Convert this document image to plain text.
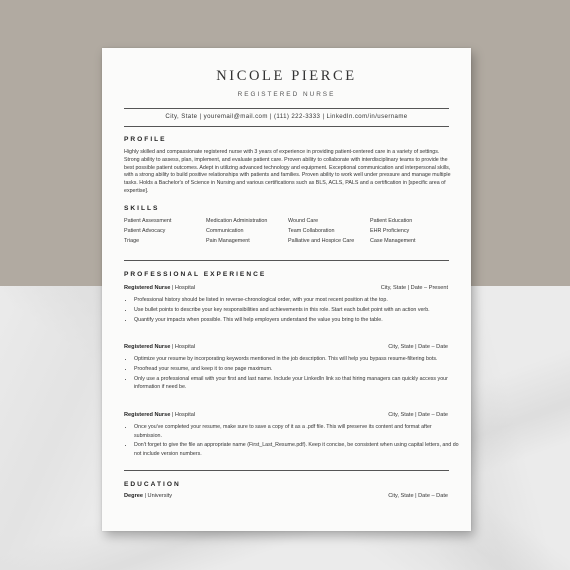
NICOLE PIERCE
REGISTERED NURSE
City, State | youremail@mail.com | (111) 222-3333 | LinkedIn.com/in/username
PROFILE
Highly skilled and compassionate registered nurse with 3 years of experience in providing patient-centered care in a variety of settings. Strong ability to assess, plan, implement, and evaluate patient care. Proven ability to collaborate with interdisciplinary teams to provide the best possible patient outcomes. Adept in utilizing advanced technology and equipment. Exceptional communication and interpersonal skills, with a strong ability to build positive relationships with patients and families. Proven ability to work well under pressure and manage multiple tasks. Holds a Bachelor's of Science in Nursing and various certifications such as BLS, ACLS, PALS and a certification in [specific area of expertise].
SKILLS
Patient Assessment	Medication Administration	Wound Care	Patient Education
Patient Advocacy	Communication	Team Collaboration	EHR Proficiency
Triage	Pain Management	Palliative and Hospice Care	Case Management
PROFESSIONAL EXPERIENCE
Registered Nurse | Hospital	City, State | Date – Present
• Professional history should be listed in reverse-chronological order, with your most recent position at the top.
• Use bullet points to describe your key responsibilities and achievements in this role. Start each bullet point with an action verb.
• Quantify your impacts when possible. This will help employers understand the value you bring to the table.
Registered Nurse | Hospital	City, State | Date – Date
• Optimize your resume by incorporating keywords mentioned in the job description. This will help you bypass resume-filtering bots.
• Proofread your resume, and keep it to one page maximum.
• Only use a professional email with your first and last name. Include your LinkedIn link so that hiring managers can quickly access your information if need be.
Registered Nurse | Hospital	City, State | Date – Date
• Once you've completed your resume, make sure to save a copy of it as a .pdf file. This will preserve its content and format after submission.
• Don't forget to give the file an appropriate name (First_Last_Resume.pdf). Keep it concise, be consistent when using capital letters, and do not include version numbers.
EDUCATION
Degree | University	City, State | Date – Date
